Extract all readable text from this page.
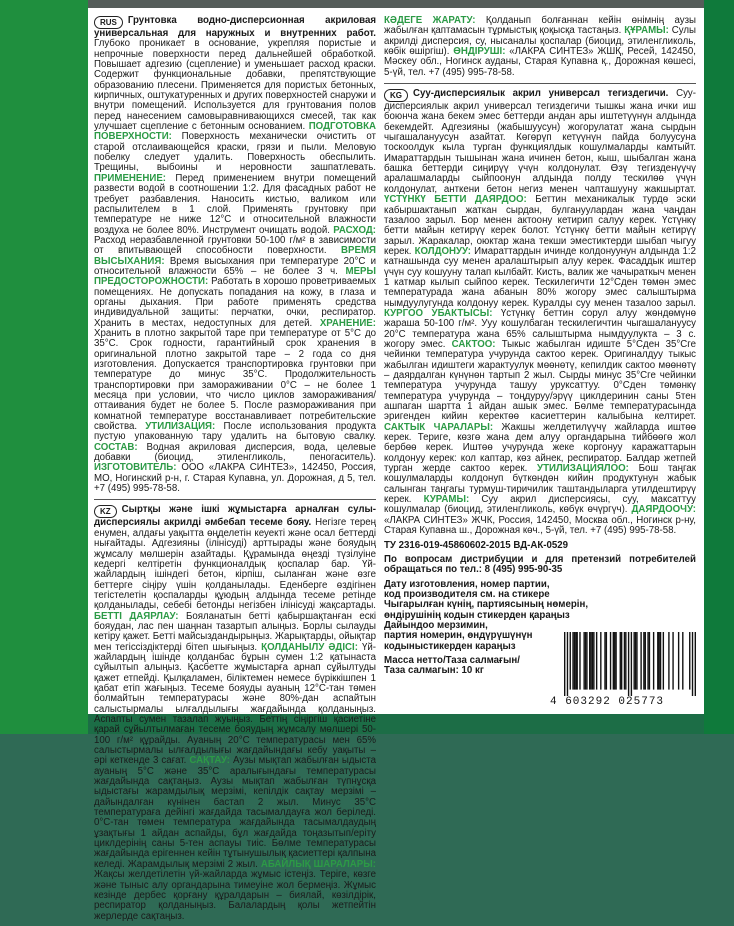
RUS Грунтовка водно-дисперсионная акриловая универсальная для наружных и внутренних работ. Глубоко проникает в основание, укрепляя пористые и непрочные поверхности перед дальнейшей обработкой. Повышает адгезию (сцепление) и уменьшает расход краски. Содержит функциональные добавки, препятствующие образованию плесени. Применяется для пористых бетонных, кирпичных, оштукатуренных и других поверхностей снаружи и внутри помещений. Используется для грунтования полов перед нанесением самовыравнивающихся смесей, так как улучшает сцепление с бетонным основанием. ПОДГОТОВКА ПОВЕРХНОСТИ: Поверхность механически очистить от старой отслаивающейся краски, грязи и пыли. Меловую побелку следует удалить. Поверхность обеспылить. Трещины, выбоины и неровности зашпатлевать. ПРИМЕНЕНИЕ: Перед применением внутри помещений развести водой в соотношении 1:2. Для фасадных работ не требует разбавления. Наносить кистью, валиком или распылителем в 1 слой. Применять грунтовку при температуре не ниже 12°С и относительной влажности воздуха не более 80%. Инструмент очищать водой. РАСХОД: Расход неразбавленной грунтовки 50-100 г/м² в зависимости от впитывающей способности поверхности. ВРЕМЯ ВЫСЫХАНИЯ: Время высыхания при температуре 20°С и относительной влажности 65% – не более 3 ч. МЕРЫ ПРЕДОСТОРОЖНОСТИ: Работать в хорошо проветриваемых помещениях. Не допускать попадания на кожу, в глаза и органы дыхания. При работе применять средства индивидуальной защиты: перчатки, очки, респиратор. Хранить в местах, недоступных для детей. ХРАНЕНИЕ: Хранить в плотно закрытой таре при температуре от 5°С до 35°С. Срок годности, гарантийный срок хранения в оригинальной плотно закрытой таре – 2 года со дня изготовления. Допускается транспортировка грунтовки при температуре до минус 35°С. Продолжительность транспортировки при замораживании 0°С – не более 1 месяца при условии, что число циклов замораживания/оттаивания будет не более 5. После размораживания при комнатной температуре восстанавливает потребительские свойства. УТИЛИЗАЦИЯ: После использования продукта пустую упакованную тару удалить на бытовую свалку. СОСТАВ: Водная акриловая дисперсия, вода, целевые добавки (биоцид, этиленгликоль, пеногаситель). ИЗГОТОВИТЕЛЬ: ООО «ЛАКРА СИНТЕЗ», 142450, Россия, МО, Ногинский р-н, г. Старая Купавна, ул. Дорожная, д 5, тел. +7 (495) 995-78-58.
KZ Сыртқы және ішкі жұмыстарға арналған сулы-дисперсиялы акрилді әмбебап тесеме бояу. Негізге терең енумен, алдағы уақытта өңделетін кеуекті және осал беттерді нығайтады. Адгезияны (ілінісуді) арттырады және бояудың жұмсалу мөлшерін азайтады. Құрамында өңезді түзілуіне кедергі келтіретін функционалдық қоспалар бар. Үй-жайлардың ішіндегі бетон, кірпіш, сыланған және өзге беттерге сіңіру үшін қолданылады. Еденберге өздігінен тегістелетін қоспаларды құюдың алдында тесеме ретінде қолданылады, себебі бетонды негізбен ілінісуді жақсартады. БЕТТІ ДАЯРЛАУ: Бояланатын бетті қабыршақтанған ескі бояудан, лас пен шаңнан тазартып алыңыз. Борлы сылауды кетіру қажет. Бетті майсыздандырыңыз. Жарықтарды, ойықтар мен тегіссіздіктерді бітеп шығыңыз. ҚОЛДАНЫЛУ ӘДІСІ: Үй-жайлардың ішінде қолданбас бұрын сумен 1:2 қатынаста сұйылтып алыңыз. Қасбетте жұмыстарға арнап сұйылтуды қажет етпейді. Қылқаламен, біліктемен немесе бүріккішпен 1 қабат етіп жағыңыз. Тесеме бояуды ауаның 12°С-тан төмен болмайтын температурасы және 80%-дан аспайтын салыстырмалы ылғалдылығы жағдайында қолданыңыз. Аспапты сумен тазалап жуыңыз. Беттің сіңіргіш қасиетіне қарай сұйылтылмаған тесеме бояудың жұмсалу мөлшері 50-100 г/м² құрайды. Ауаның 20°С температурасы мен 65% салыстырмалы ылғалдылығы жағдайындағы кебу уақыты – әрі кеткенде 3 сағат. САҚТАУ: Аузы мықтап жабылған ыдыста ауаның 5°С және 35°С аралығындағы температурасы жағдайында сақтаңыз. Аузы мықтап жабылған түпнұсқа ыдыстағы жарамдылық мерзімі, кепілдік сақтау мерзімі – дайындалған күнінен бастап 2 жыл. Минус 35°С температураға дейінгі жағдайда тасымалдауға жол беріледі. 0°С-тан төмен температура жағдайында тасымалдаудың ұзақтығы 1 айдан аспайды, бұл жағдайда тоңазытып/еріту циклдерінің саны 5-тен аспауы тиіс. Бөлме температурасы жағдайында ерігеннен кейін тұтынушылық қасиеттері қалпына келеді. Жарамдылық мерзімі 2 жыл. АБАЙЛЫҚ ШАРАЛАРЫ: Жақсы желдетілетін үй-жайларда жұмыс істеңіз. Теріге, көзге және тыныс алу органдарына тимеуіне жол бермеңіз. Жұмыс кезінде дербес қорғану құралдарын – биялай, көзілдірік, респиратор қолданыңыз. Балалардың қолы жетпейтін жерлерде сақтаңыз.
КӘДЕГЕ ЖАРАТУ: Қолданып болғаннан кейін өнімнің аузы жабылған қаптамасын тұрмыстық қоқысқа тастаңыз. ҚҰРАМЫ: Сулы акрилді дисперсия, су, нысаналы қоспалар (биоцид, этиленгликоль, көбік өшіргіш). ӨНДІРУШІ: «ЛАКРА СИНТЕЗ» ЖШҚ, Ресей, 142450, Мәскеу обл., Ногинск ауданы, Старая Купавна қ., Дорожная көшесі, 5-үй, тел. +7 (495) 995-78-58.
KG Суу-дисперсиялык акрил универсал тегиздегичи. Суу-дисперсиялык акрил универсал тегиздегичи тышкы жана ички иш боюнча жана бекем эмес беттерди андан ары иштетүүнүн алдында бекемдейт. Адгезияны (жабышуусун) жогорулатат жана сырдын чыгашалануусун азайтат. Көгөрүп кетүүнүн пайда болуусуна тоскоолдук кыла турган функциялдык кошулмаларды камтыйт. Имараттардын тышынан жана ичинен бетон, кыш, шыбалган жана башка беттерди сиңирүү үчүн колдонулат. Өзү тегизденүүчү аралашмаларды сыйпоонун алдында полду тескилөө үчүн колдонулат, анткени бетон негиз менен чапташууну жакшыртат. ҮСТҮНКҮ БЕТТИ ДАЯРДОО: Беттин механикалык турдө эски кабыршактанып жаткан сырдан, булгануулардан жана чаңдан тазалоо зарыл. Бор менен актоону кетирип салуу керек. Үстүнкү бетти майын кетирүү керек болот. Үстүнкү бетти майын кетирүү зарыл. Жаракалар, оюктар жана текши эместиктерди шыбап чыгуу керек. КОЛДОНУУ: Имараттардын ичинде колдонуунун алдында 1:2 катнашында суу менен аралаштырып алуу керек. Фасаддык иштер үчүн суу кошууну талап кылбайт. Кисть, валик же чачыраткыч менен 1 катмар кылып сыйпоо керек. Тескилегичти 12°Cден төмөн эмес температурада жана абанын 80% жогору эмес салыштырма нымдуулугунда колдонуу керек. Куралды суу менен тазалоо зарыл. КУРГОО УБАКТЫСЫ: Үстүнкү беттин сорул алуу жөндөмүнө жараша 50-100 г/м². Ууу кошулбаган тескилегичтин чыгашалануусу 20°С температура жана 65% салыштырма нымдуулукта – 3 с. жогору эмес. САКТОО: Тыкыс жабылган идиште 5°Cден 35°Cге чейинки температура учурунда сактоо керек. Оригиналдуу тыкыс жабылган идиштеги жарактуулук мөөнөтү, кепилдик сактоо мөөнөтү – даярдалган күнүнөн тартып 2 жыл. Сырды минус 35°Cге чейинки температура учурунда ташуу уруксаттуу. 0°Сден төмөнкү температура учурунда – тоңдуруу/эрүү циклдеринин саны 5тен ашпаган шартта 1 айдан ашык эмес. Бөлме температурасында эригенден кийин керектөө касиеттерин калыбына келтирет. САКТЫК ЧАРАЛАРЫ: Жакшы желдетилүүчү жайларда иштөө керек. Теригe, көзгө жана дем алуу органдарына тийбөөгө жол бербөө керек. Иштөө учурунда жеке коргонуу каражаттарын колдонуу керек: кол каптар, көз айнек, респиратор. Балдар жетпей турган жерде сактоо керек. УТИЛИЗАЦИЯЛОО: Бош таңгак кошулмаларды колдонуп бүткөндөн кийин продуктунун жабык салынган таңгагы турмуш-тиричилик таштандыларга утилдештирүү керек. КУРАМЫ: Суу акрил дисперсиясы, суу, максаттуу кошулмалар (биоцид, этиленгликоль, көбүк өчүргүч). ДАЯРДООЧУ: «ЛАКРА СИНТЕЗ» ЖЧК, Россия, 142450, Москва обл., Ногинск р-ну, Старая Купавна ш., Дорожная көч., 5-үй, тел. +7 (495) 995-78-58.
ТУ 2316-019-45860602-2015 ВД-АК-0529
По вопросам дистрибуции и для претензий потребителей обращаться по тел.: 8 (495) 995-90-35
Дату изготовления, номер партии,
код производителя см. на стикере
Чыгарылған күнің, партиясының нөмерін,
өндірушінің кодын стикерден қараңыз
Дайындоо мерзимин,
партия номерин, өндүрүшүнүн
кодыныстикерден караңыз
Масса нетто/Таза салмағын/
Таза салмагын: 10 кг
4 603292 025773
